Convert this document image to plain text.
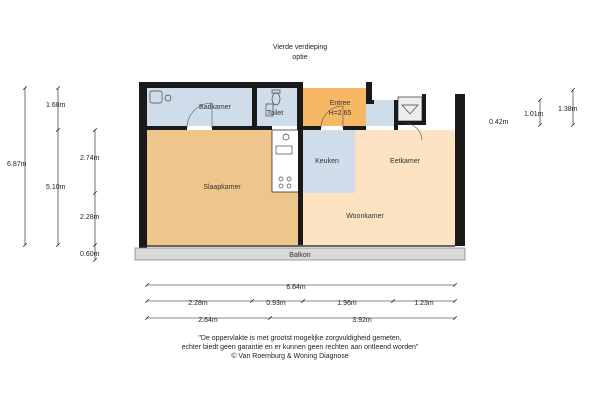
Vierde verdieping
optie
Badkamer
Toilet
Entree
H=2.65
Keuken	Eetkamer
Slaapkamer
Woonkamer
Balkon
6.87m
1.68m
5.10m
2.74m
2.28m
0.60m
0.42m
1.01m
1.38m
6.64m
2.28m	0.93m	1.96m	1.23m
2.64m	3.92m
"De oppervlakte is met grootst mogelijke zorgvuldigheid gemeten,
echter biedt geen garantie en er kunnen geen rechten aan ontleend worden"
© Van Roemburg & Woning Diagnose
